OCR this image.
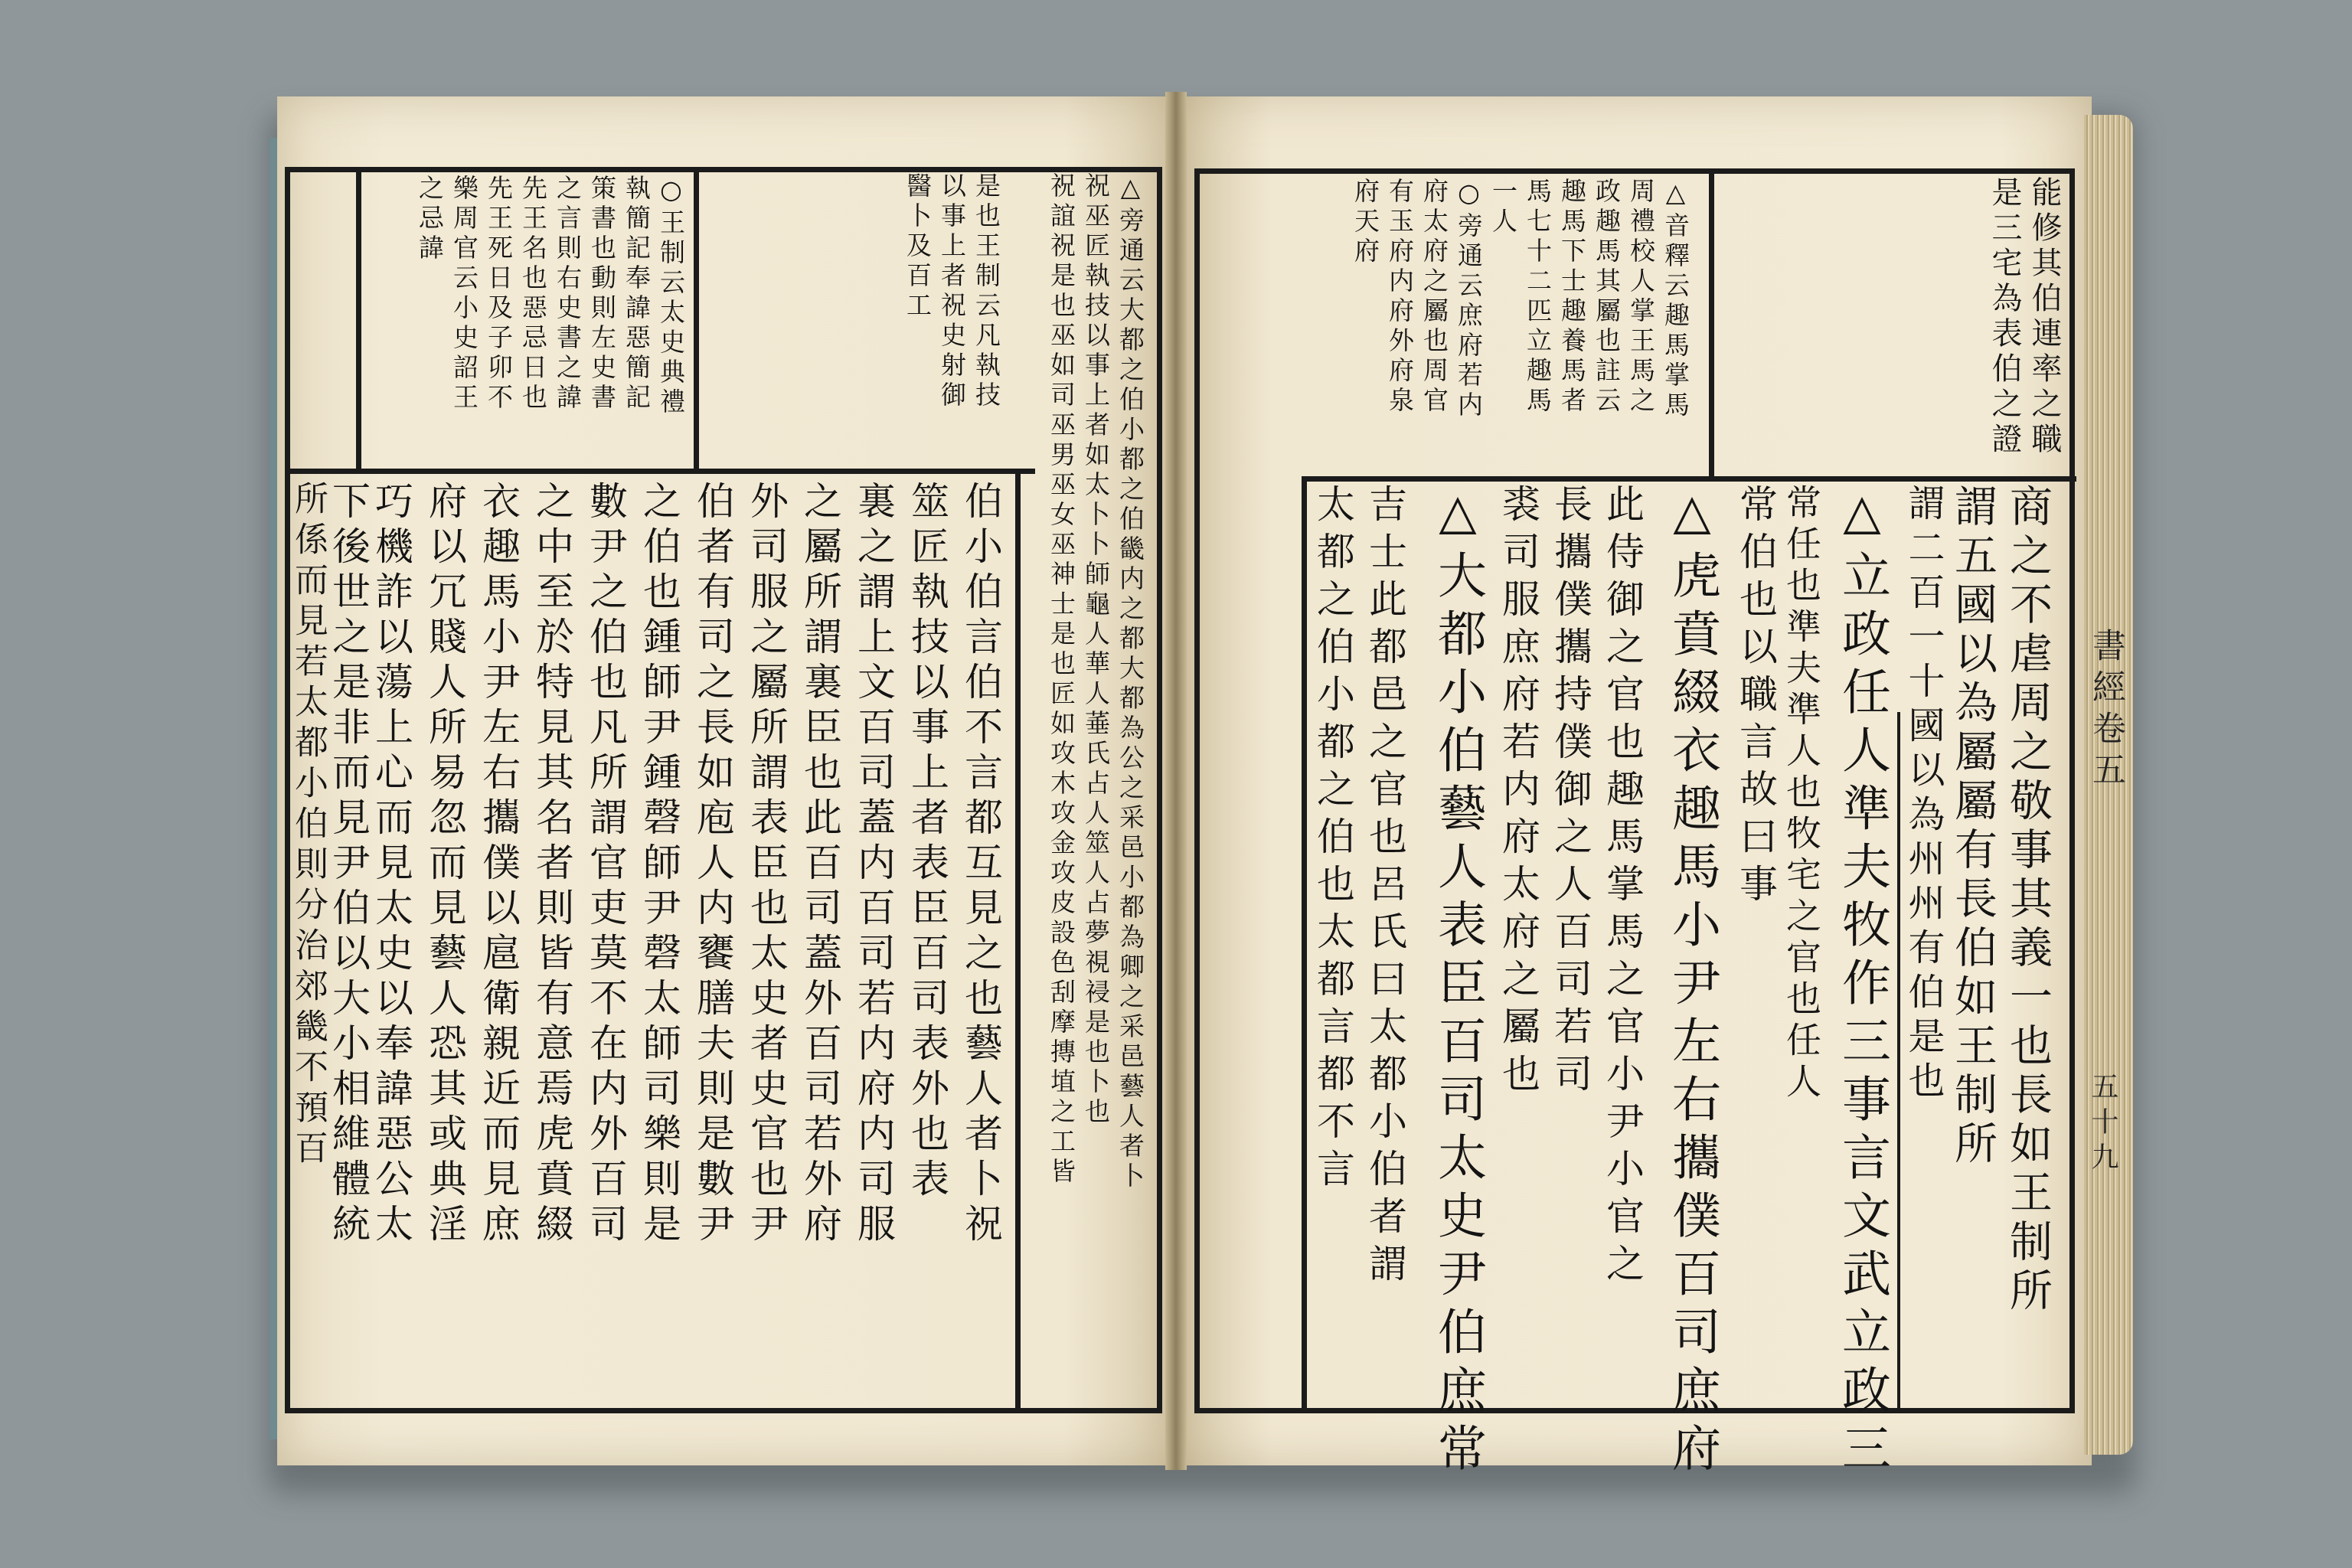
△旁通云大都之伯小都之伯畿内之都大都為公之采邑小都為卿之采邑藝人者卜
祝巫匠執技以事上者如太卜卜師龜人華人菙氏占人筮人占夢視祲是也卜也
祝誼祝是也巫如司巫男巫女巫神士是也匠如攻木攻金攻皮設色刮摩摶埴之工皆
是也王制云凡執技
以事上者祝史射御
醫卜及百工
○王制云太史典禮
執簡記奉諱惡簡記
策書也動則左史書
之言則右史書之諱
先王名也惡忌日也
先王死日及子卯不
樂周官云小史詔王
之忌諱
伯小伯言伯不言都互見之也藝人者卜祝
筮匠執技以事上者表臣百司表外也表
裏之謂上文百司蓋内百司若内府内司服
之屬所謂裏臣也此百司蓋外百司若外府
外司服之屬所謂表臣也太史者史官也尹
伯者有司之長如庖人内饔膳夫則是數尹
之伯也鍾師尹鍾磬師尹磬太師司樂則是
數尹之伯也凡所謂官吏莫不在内外百司
之中至於特見其名者則皆有意焉虎賁綴
衣趣馬小尹左右攜僕以扈衛親近而見庶
府以冗賤人所易忽而見藝人恐其或典淫
巧機詐以蕩上心而見太史以奉諱惡公太
下後世之是非而見尹伯以大小相維體統
所係而見若太都小伯則分治郊畿不預百
能修其伯連率之職
是三宅為表伯之證
△音釋云趣馬掌馬
周禮校人掌王馬之
政趣馬其屬也註云
趣馬下士趣養馬者
馬七十二匹立趣馬
一人
○旁通云庶府若内
府太府之屬也周官
有玉府内府外府泉
府天府
商之不虐周之敬事其義一也長如王制所
謂五國以為屬屬有長伯如王制所
謂二百一十國以為州州有伯是也
△立政任人準夫牧作三事言文武立政三
常伯也以職言故曰事 常任也準夫準人也牧宅之官也任人
△虎賁綴衣趣馬小尹左右攜僕百司庶府
此侍御之官也趣馬掌馬之官小尹小官之
長攜僕攜持僕御之人百司若司
裘司服庶府若内府太府之屬也
△大都小伯藝人表臣百司太史尹伯庶常
吉士此都邑之官也呂氏曰太都小伯者謂
太都之伯小都之伯也太都言都不言	書經卷五
五十九
